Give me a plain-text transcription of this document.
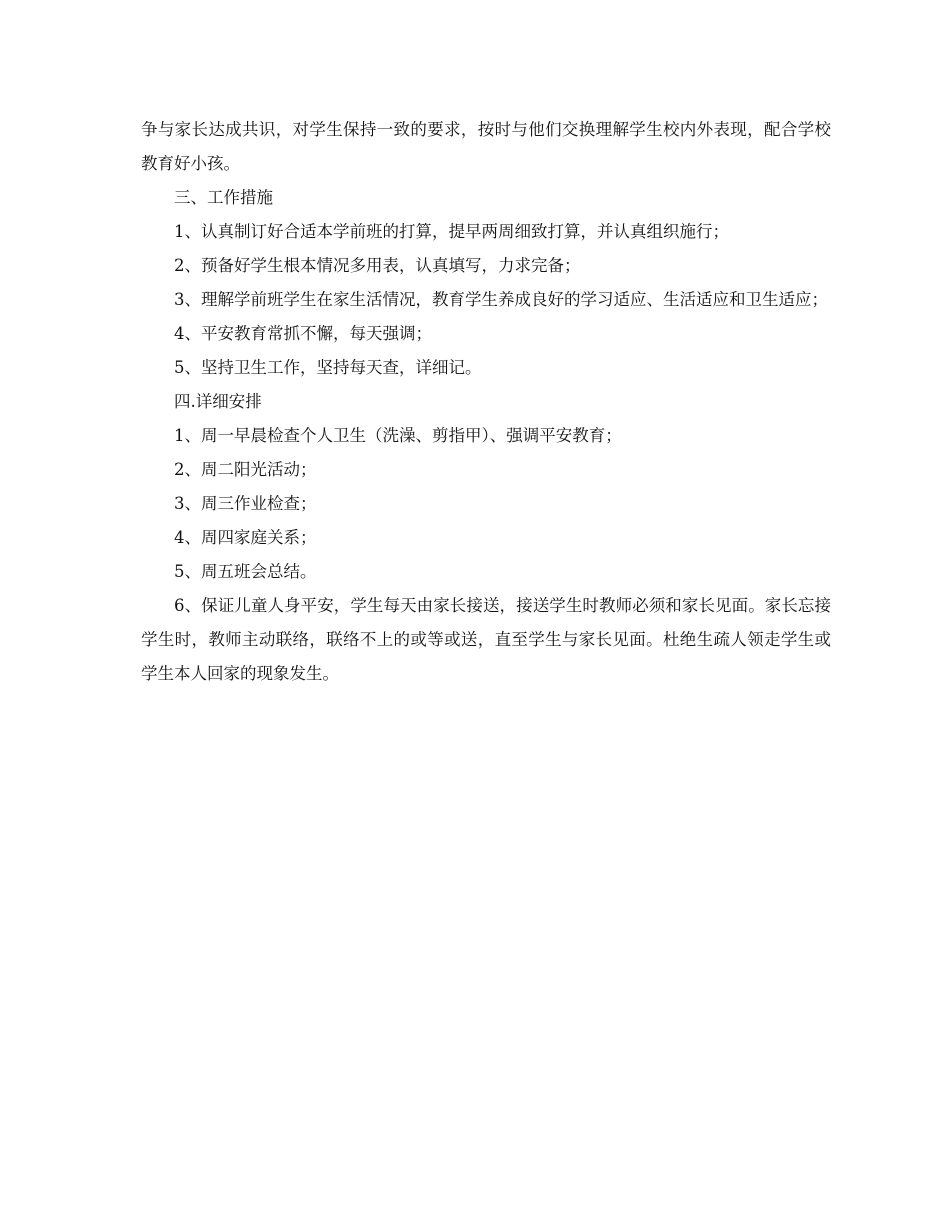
争与家长达成共识，对学生保持一致的要求，按时与他们交换理解学生校内外表现，配合学校教育好小孩。

三、工作措施

1、认真制订好合适本学前班的打算，提早两周细致打算，并认真组织施行；

2、预备好学生根本情况多用表，认真填写，力求完备；

3、理解学前班学生在家生活情况，教育学生养成良好的学习适应、生活适应和卫生适应；

4、平安教育常抓不懈，每天强调；

5、坚持卫生工作，坚持每天查，详细记。

四.详细安排

1、周一早晨检查个人卫生（洗澡、剪指甲）、强调平安教育；

2、周二阳光活动；

3、周三作业检查；

4、周四家庭关系；

5、周五班会总结。

6、保证儿童人身平安，学生每天由家长接送，接送学生时教师必须和家长见面。家长忘接学生时，教师主动联络，联络不上的或等或送，直至学生与家长见面。杜绝生疏人领走学生或学生本人回家的现象发生。
